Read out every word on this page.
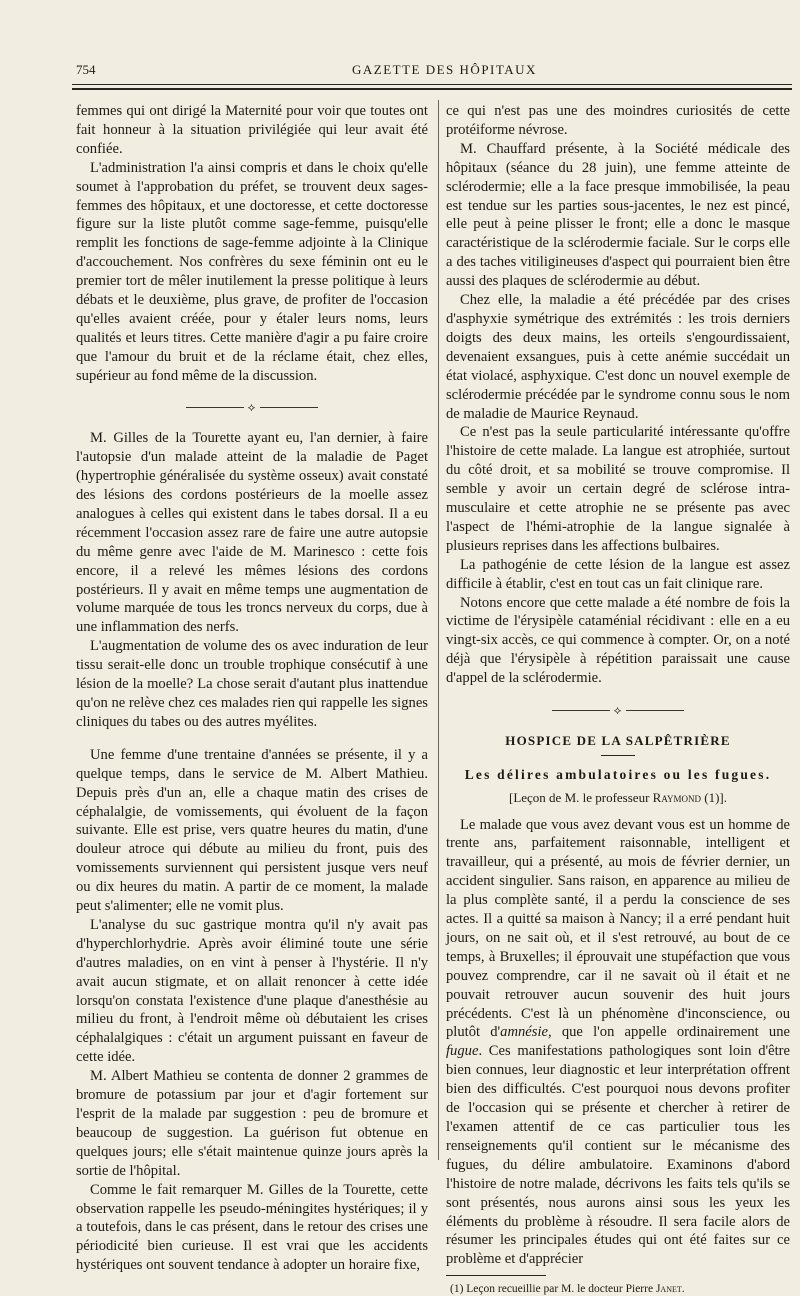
754	GAZETTE DES HÔPITAUX

femmes qui ont dirigé la Maternité pour voir que toutes ont fait honneur à la situation privilégiée qui leur avait été confiée.

L'administration l'a ainsi compris et dans le choix qu'elle soumet à l'approbation du préfet, se trouvent deux sages-femmes des hôpitaux, et une doctoresse, et cette doctoresse figure sur la liste plutôt comme sage-femme, puisqu'elle remplit les fonctions de sage-femme adjointe à la Clinique d'accouchement. Nos confrères du sexe féminin ont eu le premier tort de mêler inutilement la presse politique à leurs débats et le deuxième, plus grave, de profiter de l'occasion qu'elles avaient créée, pour y étaler leurs noms, leurs qualités et leurs titres. Cette manière d'agir a pu faire croire que l'amour du bruit et de la réclame était, chez elles, supérieur au fond même de la discussion.

⟡

M. Gilles de la Tourette ayant eu, l'an dernier, à faire l'autopsie d'un malade atteint de la maladie de Paget (hypertrophie généralisée du système osseux) avait constaté des lésions des cordons postérieurs de la moelle assez analogues à celles qui existent dans le tabes dorsal. Il a eu récemment l'occasion assez rare de faire une autre autopsie du même genre avec l'aide de M. Marinesco : cette fois encore, il a relevé les mêmes lésions des cordons postérieurs. Il y avait en même temps une augmentation de volume marquée de tous les troncs nerveux du corps, due à une inflammation des nerfs.

L'augmentation de volume des os avec induration de leur tissu serait-elle donc un trouble trophique consécutif à une lésion de la moelle? La chose serait d'autant plus inattendue qu'on ne relève chez ces malades rien qui rappelle les signes cliniques du tabes ou des autres myélites.

Une femme d'une trentaine d'années se présente, il y a quelque temps, dans le service de M. Albert Mathieu. Depuis près d'un an, elle a chaque matin des crises de céphalalgie, de vomissements, qui évoluent de la façon suivante. Elle est prise, vers quatre heures du matin, d'une douleur atroce qui débute au milieu du front, puis des vomissements surviennent qui persistent jusque vers neuf ou dix heures du matin. A partir de ce moment, la malade peut s'alimenter; elle ne vomit plus.

L'analyse du suc gastrique montra qu'il n'y avait pas d'hyperchlorhydrie. Après avoir éliminé toute une série d'autres maladies, on en vint à penser à l'hystérie. Il n'y avait aucun stigmate, et on allait renoncer à cette idée lorsqu'on constata l'existence d'une plaque d'anesthésie au milieu du front, à l'endroit même où débutaient les crises céphalalgiques : c'était un argument puissant en faveur de cette idée.

M. Albert Mathieu se contenta de donner 2 grammes de bromure de potassium par jour et d'agir fortement sur l'esprit de la malade par suggestion : peu de bromure et beaucoup de suggestion. La guérison fut obtenue en quelques jours; elle s'était maintenue quinze jours après la sortie de l'hôpital.

Comme le fait remarquer M. Gilles de la Tourette, cette observation rappelle les pseudo-méningites hystériques; il y a toutefois, dans le cas présent, dans le retour des crises une périodicité bien curieuse. Il est vrai que les accidents hystériques ont souvent tendance à adopter un horaire fixe,

ce qui n'est pas une des moindres curiosités de cette protéiforme névrose.

M. Chauffard présente, à la Société médicale des hôpitaux (séance du 28 juin), une femme atteinte de sclérodermie; elle a la face presque immobilisée, la peau est tendue sur les parties sous-jacentes, le nez est pincé, elle peut à peine plisser le front; elle a donc le masque caractéristique de la sclérodermie faciale. Sur le corps elle a des taches vitiligineuses d'aspect qui pourraient bien être aussi des plaques de sclérodermie au début.

Chez elle, la maladie a été précédée par des crises d'asphyxie symétrique des extrémités : les trois derniers doigts des deux mains, les orteils s'engourdissaient, devenaient exsangues, puis à cette anémie succédait un état violacé, asphyxique. C'est donc un nouvel exemple de sclérodermie précédée par le syndrome connu sous le nom de maladie de Maurice Reynaud.

Ce n'est pas la seule particularité intéressante qu'offre l'histoire de cette malade. La langue est atrophiée, surtout du côté droit, et sa mobilité se trouve compromise. Il semble y avoir un certain degré de sclérose intra-musculaire et cette atrophie ne se présente pas avec l'aspect de l'hémi-atrophie de la langue signalée à plusieurs reprises dans les affections bulbaires.

La pathogénie de cette lésion de la langue est assez difficile à établir, c'est en tout cas un fait clinique rare.

Notons encore que cette malade a été nombre de fois la victime de l'érysipèle cataménial récidivant : elle en a eu vingt-six accès, ce qui commence à compter. Or, on a noté déjà que l'érysipèle à répétition paraissait une cause d'appel de la sclérodermie.

⟡
HOSPICE DE LA SALPÊTRIÈRE
Les délires ambulatoires ou les fugues.
[Leçon de M. le professeur Raymond (1)].

Le malade que vous avez devant vous est un homme de trente ans, parfaitement raisonnable, intelligent et travailleur, qui a présenté, au mois de février dernier, un accident singulier. Sans raison, en apparence au milieu de la plus complète santé, il a perdu la conscience de ses actes. Il a quitté sa maison à Nancy; il a erré pendant huit jours, on ne sait où, et il s'est retrouvé, au bout de ce temps, à Bruxelles; il éprouvait une stupéfaction que vous pouvez comprendre, car il ne savait où il était et ne pouvait retrouver aucun souvenir des huit jours précédents. C'est là un phénomène d'inconscience, ou plutôt d'amnésie, que l'on appelle ordinairement une fugue. Ces manifestations pathologiques sont loin d'être bien connues, leur diagnostic et leur interprétation offrent bien des difficultés. C'est pourquoi nous devons profiter de l'occasion qui se présente et chercher à retirer de l'examen attentif de ce cas particulier tous les renseignements qu'il contient sur le mécanisme des fugues, du délire ambulatoire. Examinons d'abord l'histoire de notre malade, décrivons les faits tels qu'ils se sont présentés, nous aurons ainsi sous les yeux les éléments du problème à résoudre. Il sera facile alors de résumer les principales études qui ont été faites sur ce problème et d'apprécier

(1) Leçon recueillie par M. le docteur Pierre Janet.
